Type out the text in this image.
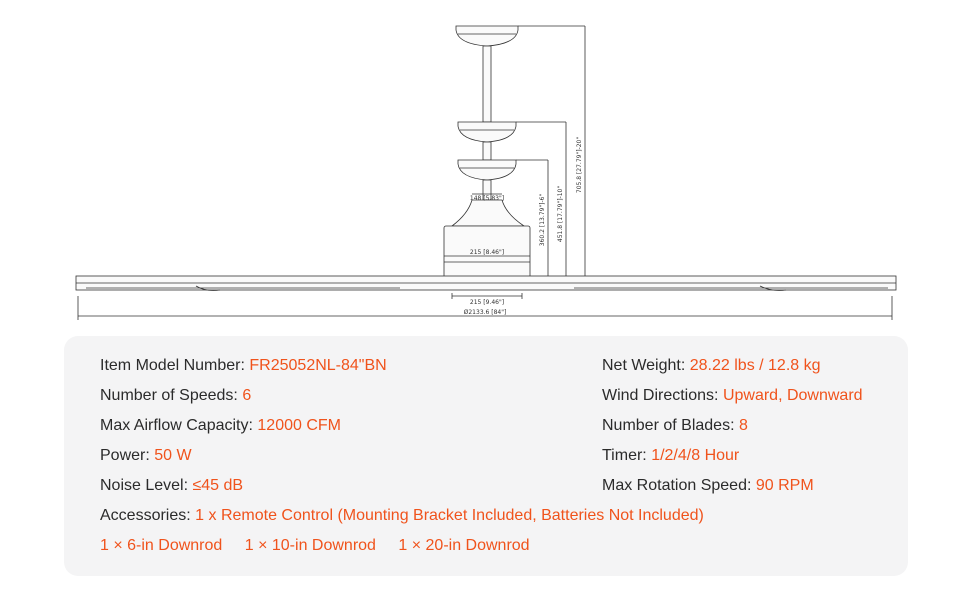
148 [5.83"]
215 [8.46"]
215 [9.46"]
Ø2133.6 [84"]
360.2 [13.79"]-6" 451.8 [17.79"]-10"
705.8 [27.79"]-20"
Item Model Number: FR25052NL-84"BN
Number of Speeds: 6
Max Airflow Capacity: 12000 CFM
Power: 50 W
Noise Level: ≤45 dB
Net Weight: 28.22 lbs / 12.8 kg
Wind Directions: Upward, Downward
Number of Blades: 8
Timer: 1/2/4/8 Hour
Max Rotation Speed: 90 RPM
Accessories: 1 x Remote Control (Mounting Bracket Included, Batteries Not Included)
1 × 6-in Downrod 1 × 10-in Downrod 1 × 20-in Downrod
